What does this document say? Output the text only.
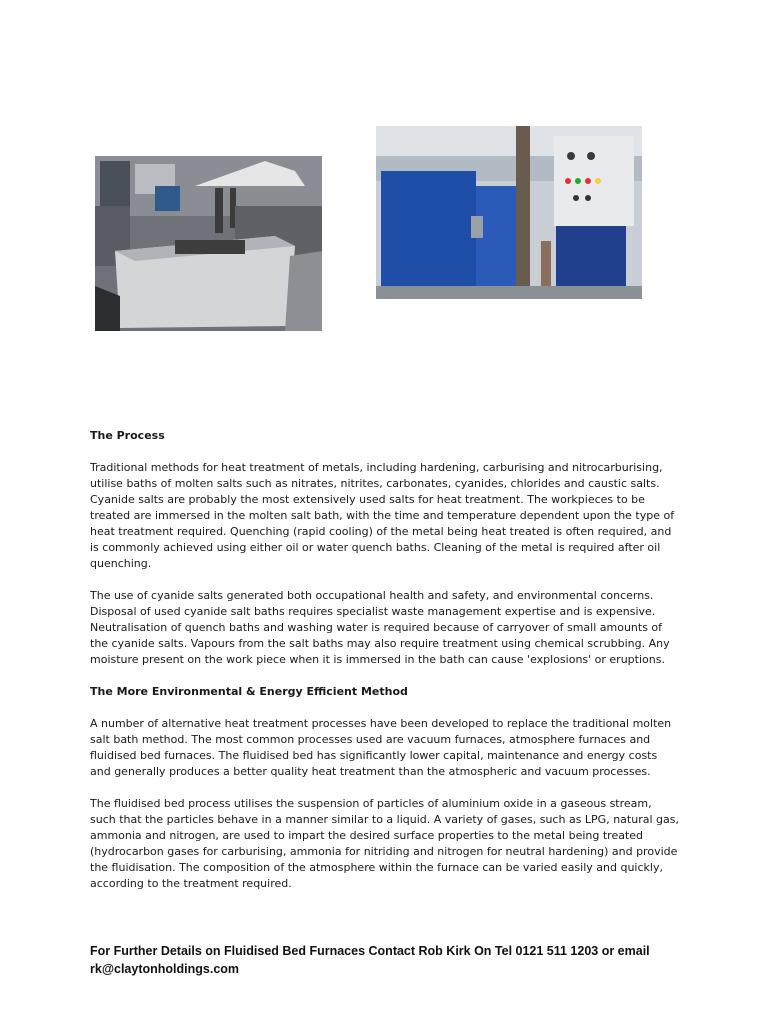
The Process
Traditional methods for heat treatment of metals, including hardening, carburising and nitrocarburising, utilise baths of molten salts such as nitrates, nitrites, carbonates, cyanides, chlorides and caustic salts. Cyanide salts are probably the most extensively used salts for heat treatment. The workpieces to be treated are immersed in the molten salt bath, with the time and temperature dependent upon the type of heat treatment required. Quenching (rapid cooling) of the metal being heat treated is often required, and is commonly achieved using either oil or water quench baths. Cleaning of the metal is required after oil quenching.
The use of cyanide salts generated both occupational health and safety, and environmental concerns. Disposal of used cyanide salt baths requires specialist waste management expertise and is expensive. Neutralisation of quench baths and washing water is required because of carryover of small amounts of the cyanide salts. Vapours from the salt baths may also require treatment using chemical scrubbing. Any moisture present on the work piece when it is immersed in the bath can cause 'explosions' or eruptions.
The More Environmental & Energy Efficient Method
A number of alternative heat treatment processes have been developed to replace the traditional molten salt bath method. The most common processes used are vacuum furnaces, atmosphere furnaces and fluidised bed furnaces. The fluidised bed has significantly lower capital, maintenance and energy costs and generally produces a better quality heat treatment than the atmospheric and vacuum processes.
The fluidised bed process utilises the suspension of particles of aluminium oxide in a gaseous stream, such that the particles behave in a manner similar to a liquid. A variety of gases, such as LPG, natural gas, ammonia and nitrogen, are used to impart the desired surface properties to the metal being treated (hydrocarbon gases for carburising, ammonia for nitriding and nitrogen for neutral hardening) and provide the fluidisation. The composition of the atmosphere within the furnace can be varied easily and quickly, according to the treatment required.
For Further Details on Fluidised Bed Furnaces Contact Rob Kirk On Tel 0121 511 1203 or email
rk@claytonholdings.com
